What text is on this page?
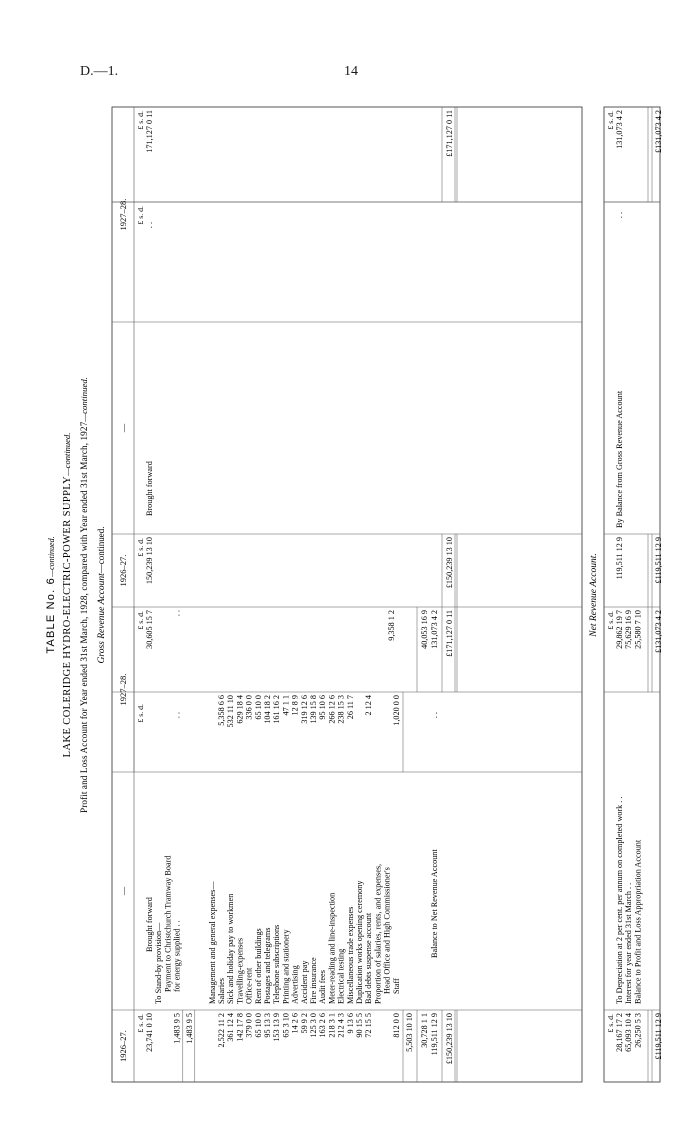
D.—1.	14
TABLE No. 6—continued. LAKE COLERIDGE HYDRO-ELECTRIC-POWER SUPPLY—continued. Profit and Loss Account for Year ended 31st March, 1928, compared with Year ended 31st March, 1927—continued.
Gross Revenue Account—continued.
1926–27.
—
1927–28.
1926–27.
—
1927–28.
£ s. d.
£ s. d.
£ s. d.
£ s. d.
£ s. d.
£ s. d.
23,741 0 10
Brought forward
30,605 15 7
To Stand-by provision— Payment to Christchurch Tramway Board
1,483 9 5
for energy supplied . .
. .
. .
1,483 9 5
Management and general expenses—
2,522 11 2
Salaries
5,358 6 6
361 12 4
Sick and holiday pay to workmen
532 11 10
142 17 8
Travelling-expenses
629 18 4
379 0 0
Office-rent
336 0 0
65 10 0
Rent of other buildings
65 10 0
95 13 3
Postages and telegrams
104 18 2
153 13 9
Telephone subscriptions
161 16 2
65 3 10
Printing and stationery
47 1 1
14 2 6
Advertising
12 8 9
59 9 2
Accident pay
319 12 6
125 3 0
Fire insurance
139 15 8
163 2 6
Audit fees
95 10 6
218 3 1
Meter-reading and line-inspection
266 12 6
212 4 3
Electrical testing
238 15 3
9 13 6
Miscellaneous trade expenses
26 11 7
90 15 5
Duplication works opening ceremony
72 15 5
Bad debts suspense account
2 12 4
Proportion of salaries, rents, and expenses, Head Office and High Commissioner's
812 0 0
Staff
1,020 0 0
5,503 10 10
9,358 1 2
30,728 1 1
40,053 16 9
119,511 12 9
Balance to Net Revenue Account
. .
131,073 4 2
£150,239 13 10
£171,127 0 11
150,239 13 10
Brought forward
. .
171,127 0 11
£150,239 13 10
£171,127 0 11
Net Revenue Account.
£ s. d.
£ s. d.
£ s. d.
28,167 17 2
To Depreciation at 2 per cent. per annum on completed work . .
29,862 19 7
65,093 10 4
Interest for year ended 31st March . .
75,629 16 9
26,250 5 3
Balance to Profit and Loss Appropriation Account
25,580 7 10
119,511 12 9
By Balance from Gross Revenue Account
. .
131,073 4 2
£119,511 12 9
£131,073 4 2
£119,511 12 9
£131,073 4 2
